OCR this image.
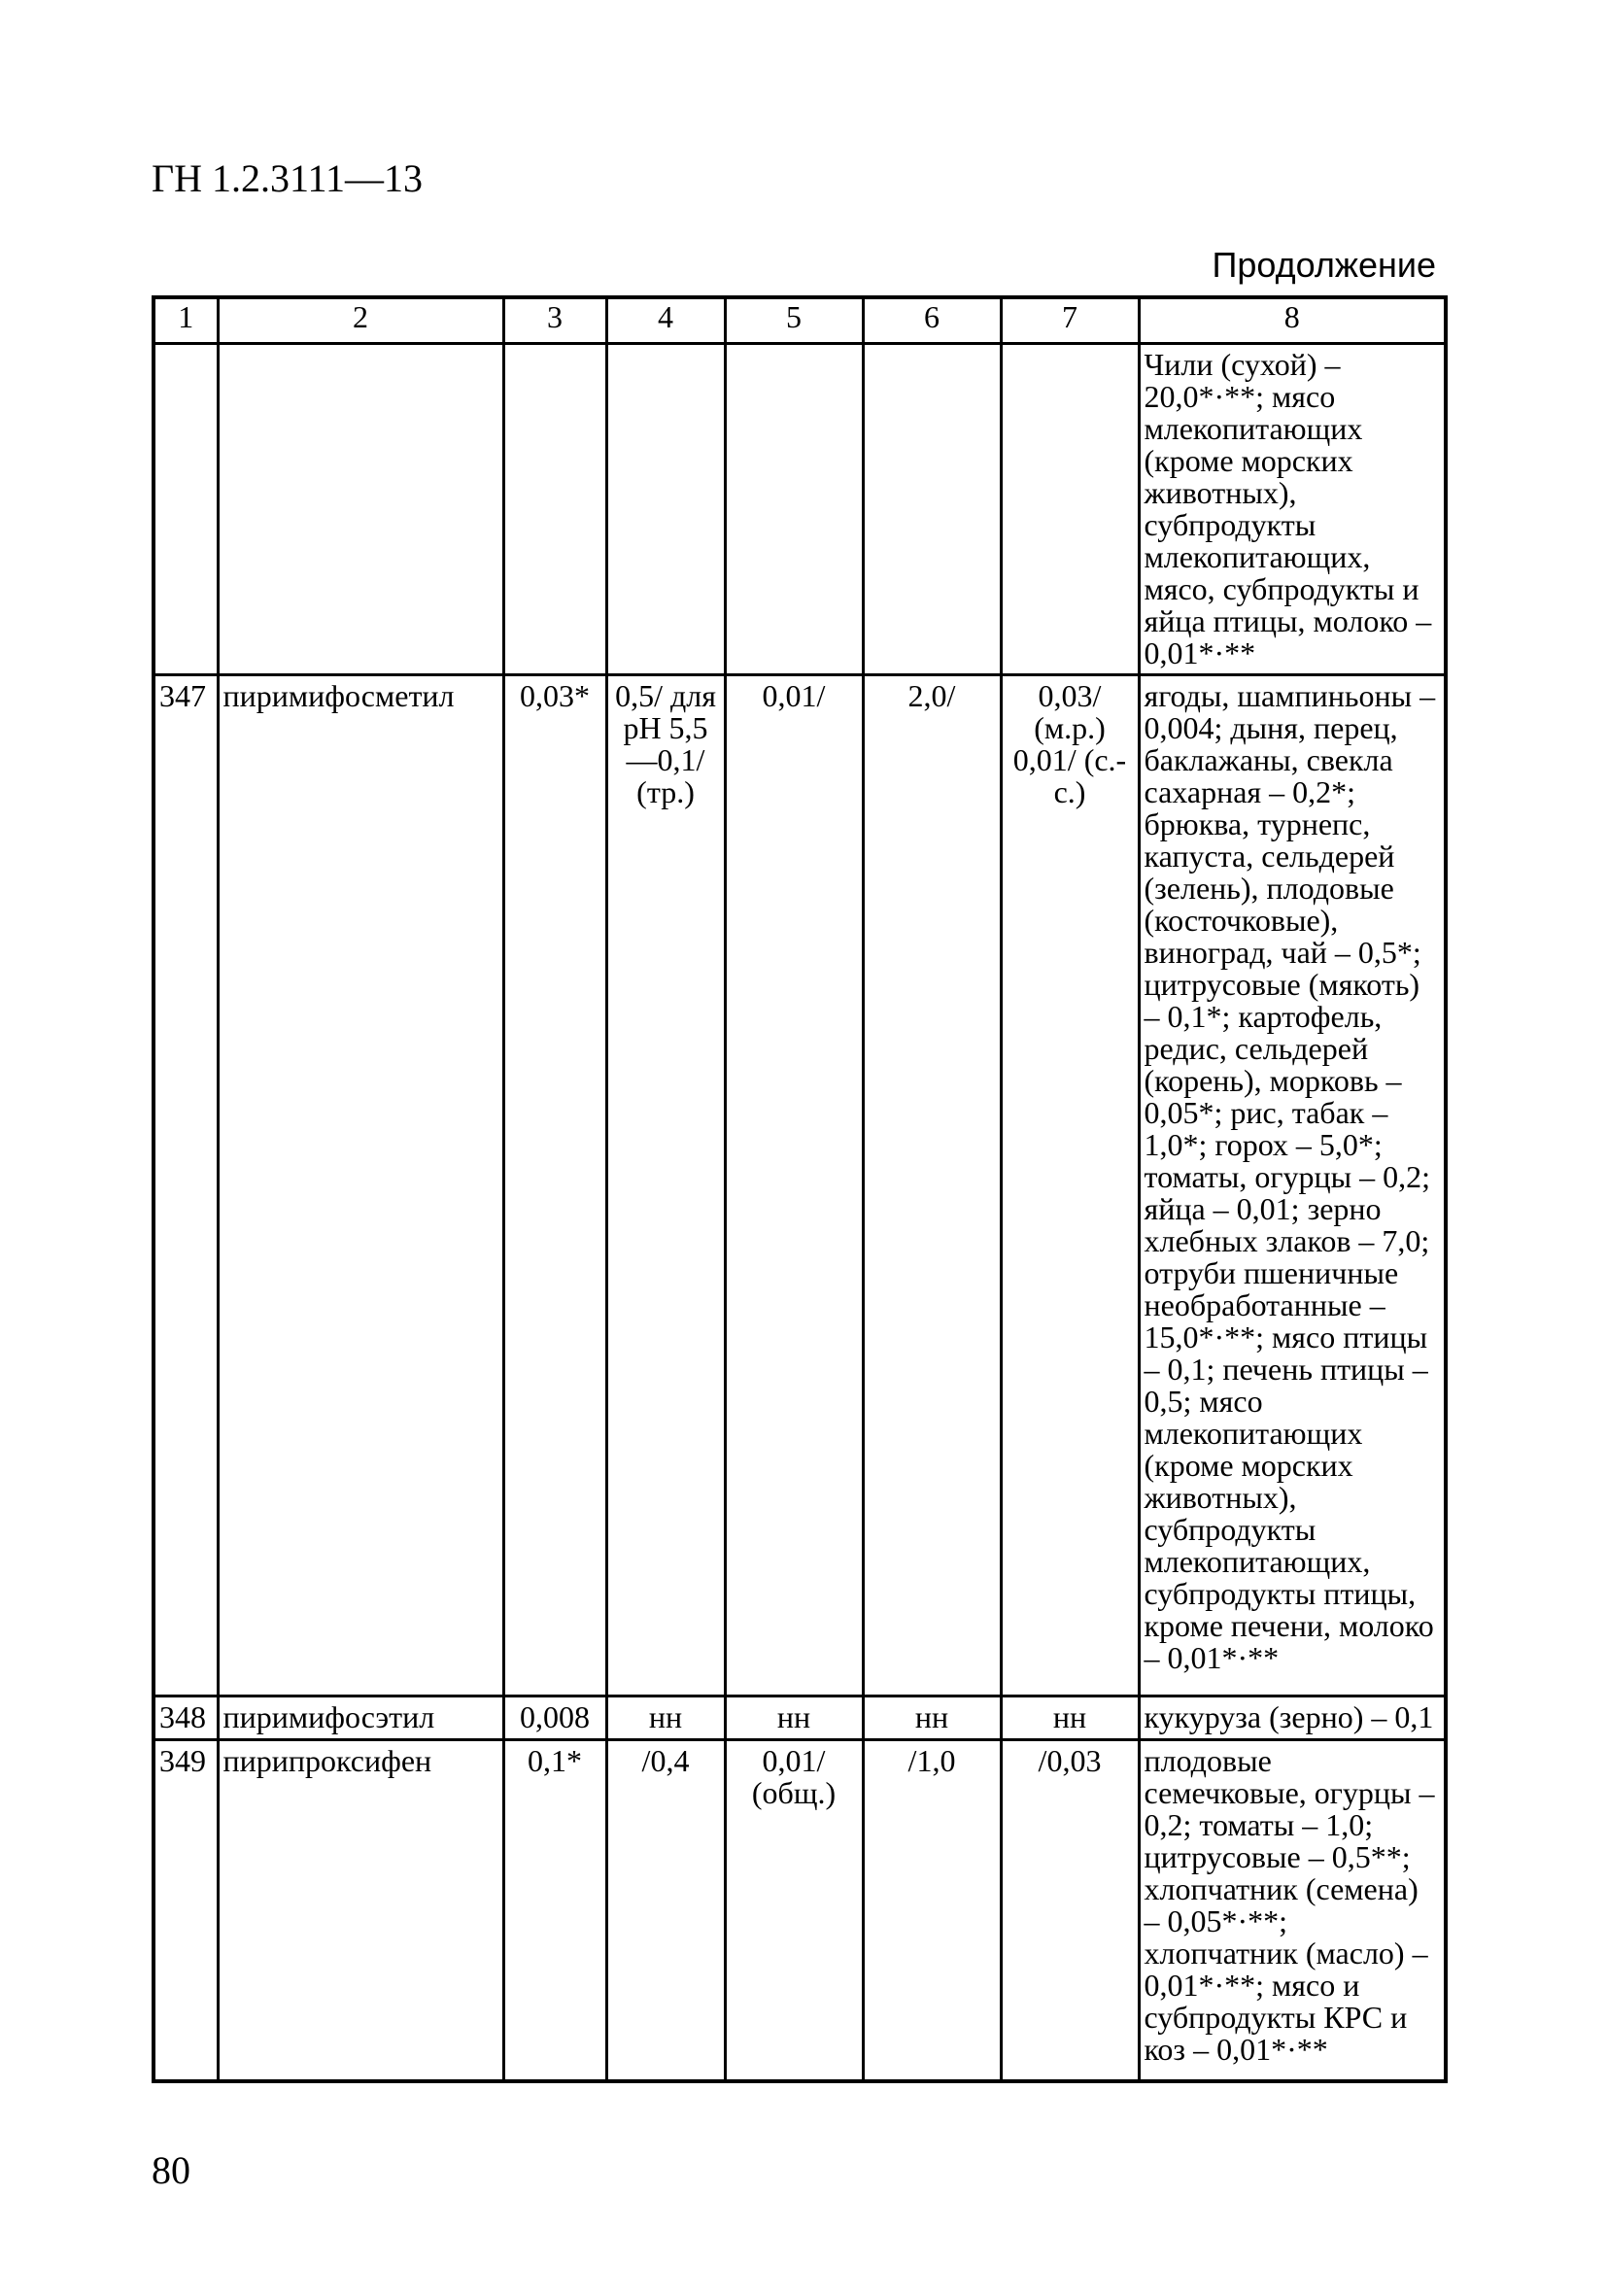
ГН 1.2.3111—13
Продолжение
1	2	3	4	5	6	7	8
							Чили (сухой) – 20,0*·**; мясо млекопитающих (кроме морских животных), субпродукты млекопитающих, мясо, субпродукты и яйца птицы, молоко – 0,01*·**
347	пиримифосметил	0,03*	0,5/ для pH 5,5 —0,1/ (тр.)	0,01/	2,0/	0,03/ (м.р.) 0,01/ (с.-с.)	ягоды, шампиньоны – 0,004; дыня, перец, баклажаны, свекла сахарная – 0,2*; брюква, турнепс, капуста, сельдерей (зелень), плодовые (косточковые), виноград, чай – 0,5*; цитрусовые (мякоть) – 0,1*; картофель, редис, сельдерей (корень), морковь – 0,05*; рис, табак – 1,0*; горох – 5,0*; томаты, огурцы – 0,2; яйца – 0,01; зерно хлебных злаков – 7,0; отруби пшеничные необработанные – 15,0*·**; мясо птицы – 0,1; печень птицы – 0,5; мясо млекопитающих (кроме морских животных), субпродукты млекопитающих, субпродукты птицы, кроме печени, молоко – 0,01*·**
348	пиримифосэтил	0,008	нн	нн	нн	нн	кукуруза (зерно) – 0,1
349	пирипроксифен	0,1*	/0,4	0,01/ (общ.)	/1,0	/0,03	плодовые семечковые, огурцы – 0,2; томаты – 1,0; цитрусовые – 0,5**; хлопчатник (семена) – 0,05*·**; хлопчатник (масло) – 0,01*·**; мясо и субпродукты КРС и коз – 0,01*·**
80
